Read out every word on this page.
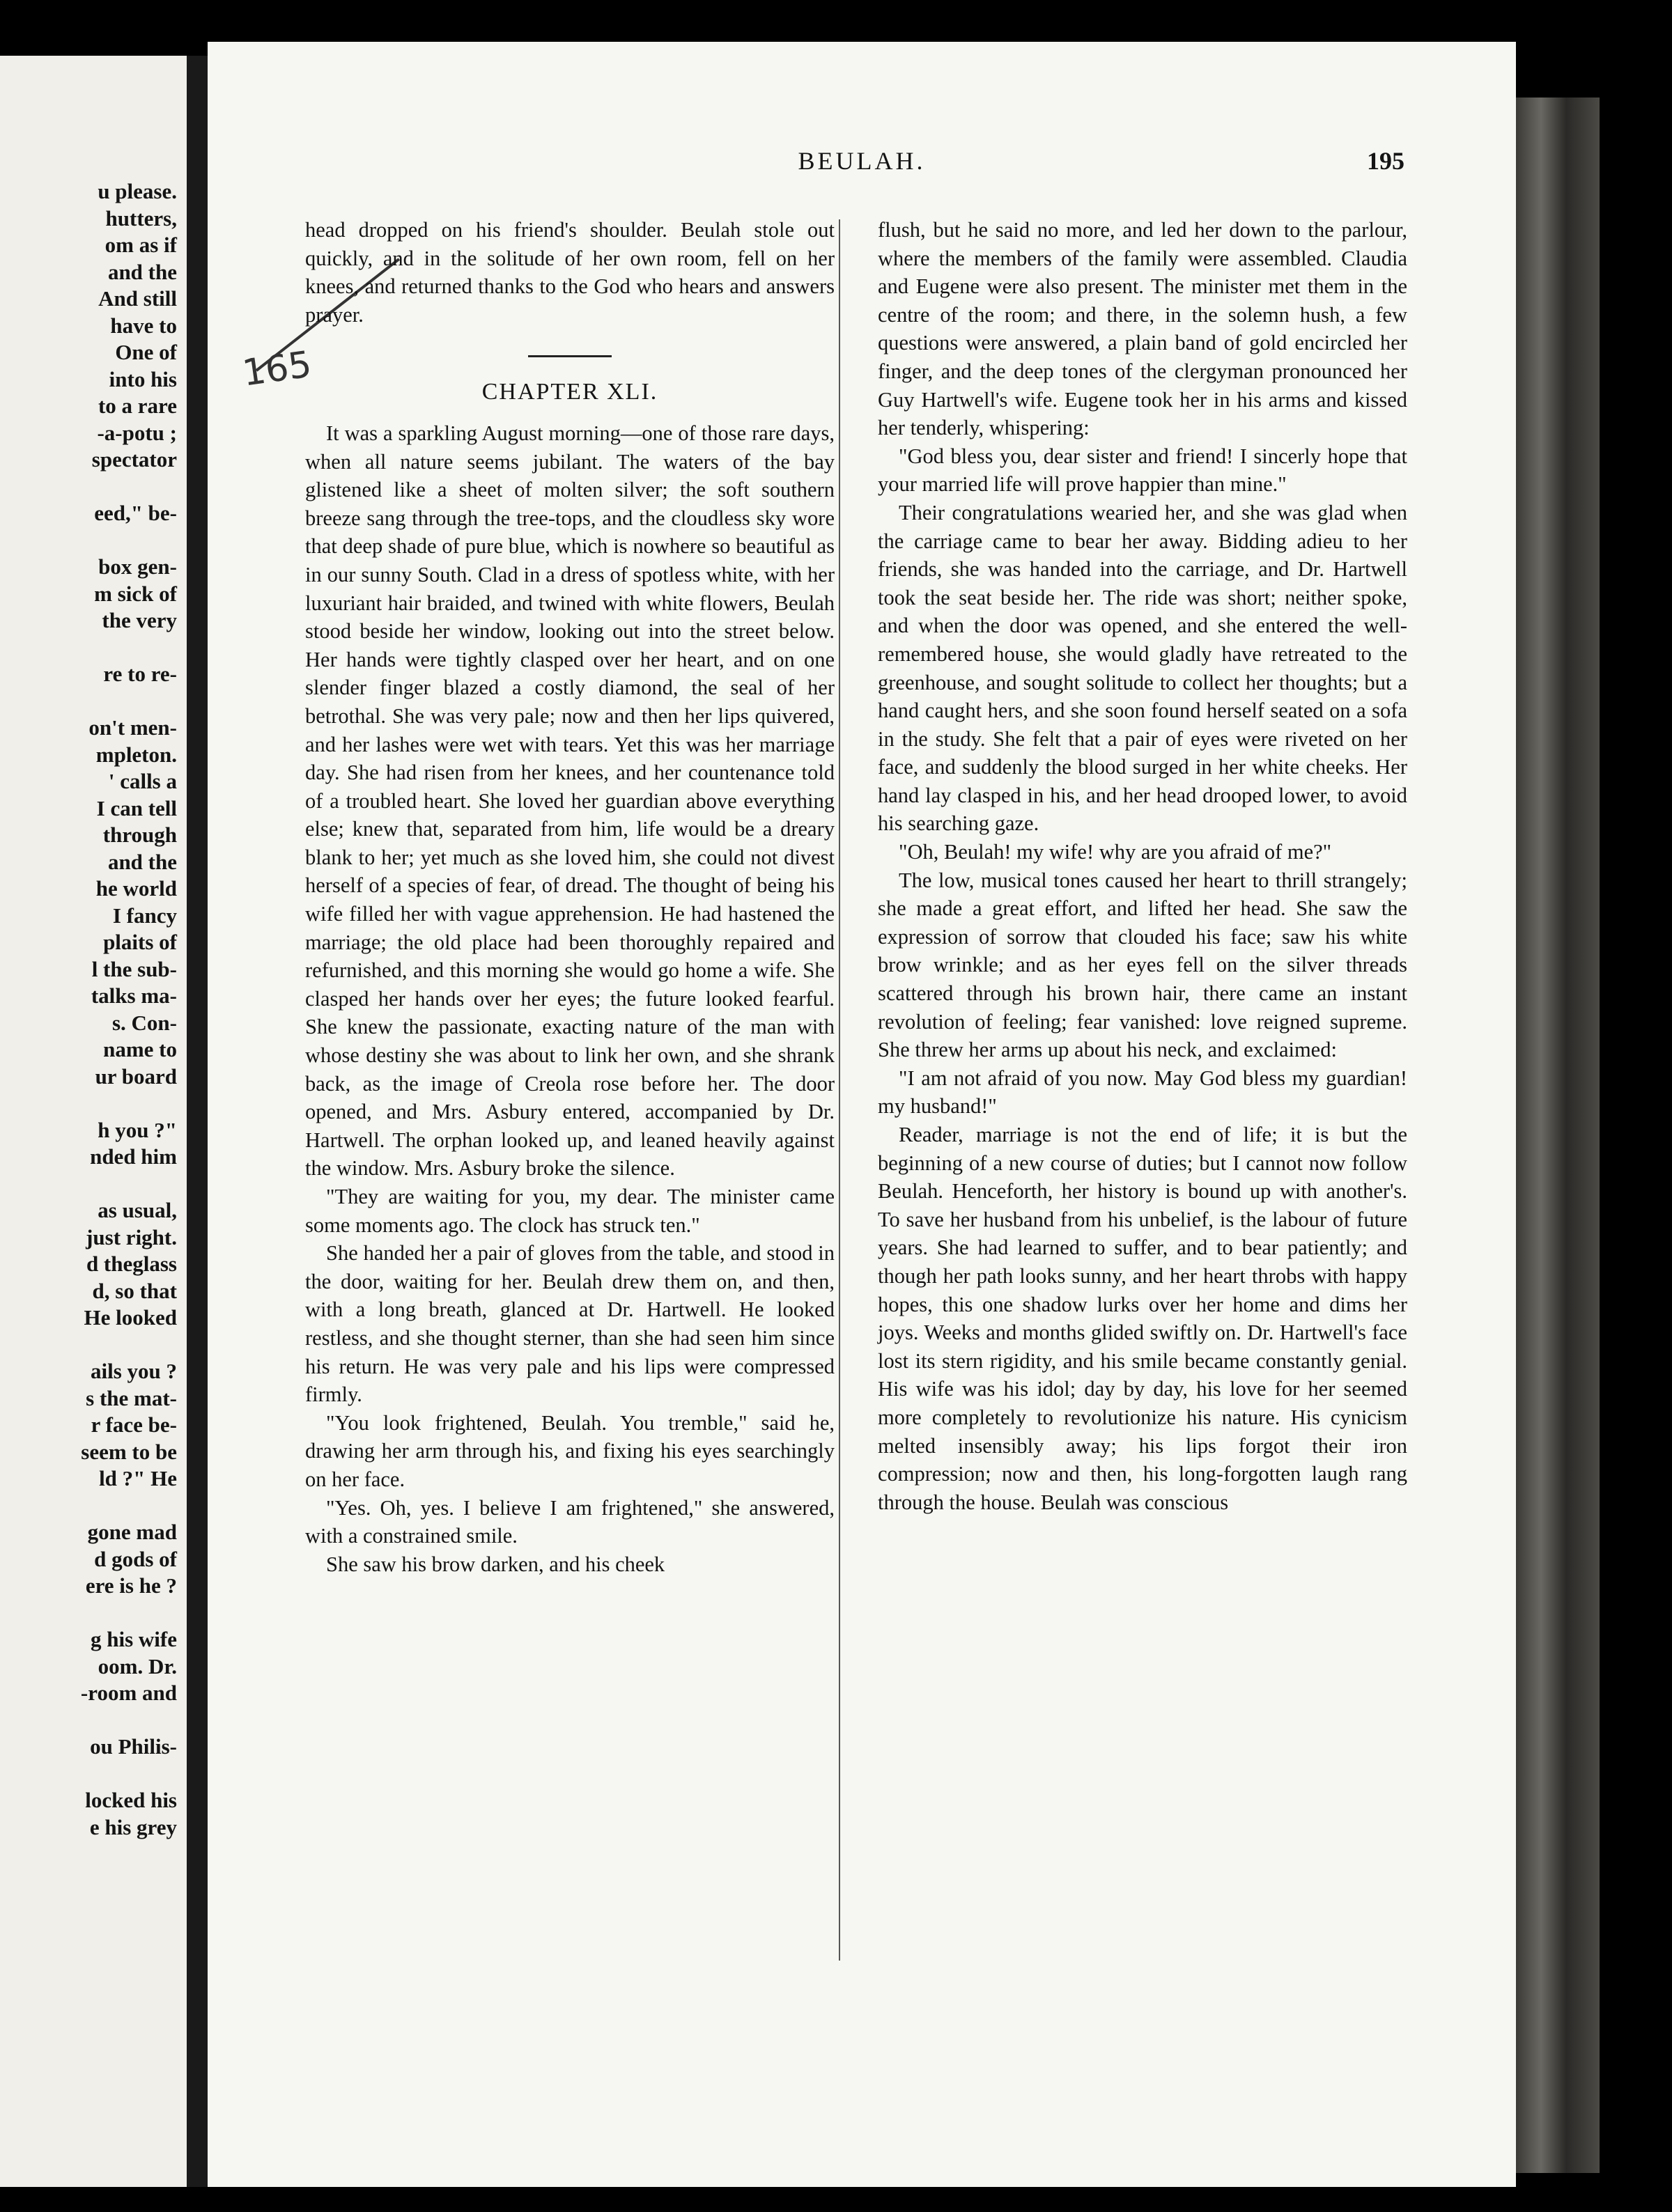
u please.
hutters,
om as if
and the
And still
have to
One of
into his
to a rare
-a-potu ;
spectator
eed," be-
box gen-
m sick of
the very
re to re-
on't men-
mpleton.
' calls a
I can tell
through
and the
he world
I fancy
plaits of
l the sub-
talks ma-
s. Con-
name to
ur board
h you ?"
nded him
as usual,
just right.
d theglass
d, so that
He looked
ails you ?
s the mat-
r face be-
seem to be
ld ?" He
gone mad
d gods of
ere is he ?
g his wife
oom. Dr.
-room and
ou Philis-
locked his
e his grey
BEULAH.	195
165

head dropped on his friend's shoulder. Beulah stole out quickly, and in the solitude of her own room, fell on her knees, and returned thanks to the God who hears and answers prayer.

CHAPTER XLI.

It was a sparkling August morning—one of those rare days, when all nature seems jubilant. The waters of the bay glistened like a sheet of molten silver; the soft southern breeze sang through the tree-tops, and the cloudless sky wore that deep shade of pure blue, which is nowhere so beautiful as in our sunny South. Clad in a dress of spotless white, with her luxuriant hair braided, and twined with white flowers, Beulah stood beside her window, looking out into the street below. Her hands were tightly clasped over her heart, and on one slender finger blazed a costly diamond, the seal of her betrothal. She was very pale; now and then her lips quivered, and her lashes were wet with tears. Yet this was her marriage day. She had risen from her knees, and her countenance told of a troubled heart. She loved her guardian above everything else; knew that, separated from him, life would be a dreary blank to her; yet much as she loved him, she could not divest herself of a species of fear, of dread. The thought of being his wife filled her with vague apprehension. He had hastened the marriage; the old place had been thoroughly repaired and refurnished, and this morning she would go home a wife. She clasped her hands over her eyes; the future looked fearful. She knew the passionate, exacting nature of the man with whose destiny she was about to link her own, and she shrank back, as the image of Creola rose before her. The door opened, and Mrs. Asbury entered, accompanied by Dr. Hartwell. The orphan looked up, and leaned heavily against the window. Mrs. Asbury broke the silence.

"They are waiting for you, my dear. The minister came some moments ago. The clock has struck ten."

She handed her a pair of gloves from the table, and stood in the door, waiting for her. Beulah drew them on, and then, with a long breath, glanced at Dr. Hartwell. He looked restless, and she thought sterner, than she had seen him since his return. He was very pale and his lips were compressed firmly.

"You look frightened, Beulah. You tremble," said he, drawing her arm through his, and fixing his eyes searchingly on her face.

"Yes. Oh, yes. I believe I am frightened," she answered, with a constrained smile.

She saw his brow darken, and his cheek

flush, but he said no more, and led her down to the parlour, where the members of the family were assembled. Claudia and Eugene were also present. The minister met them in the centre of the room; and there, in the solemn hush, a few questions were answered, a plain band of gold encircled her finger, and the deep tones of the clergyman pronounced her Guy Hartwell's wife. Eugene took her in his arms and kissed her tenderly, whispering:

"God bless you, dear sister and friend! I sincerly hope that your married life will prove happier than mine."

Their congratulations wearied her, and she was glad when the carriage came to bear her away. Bidding adieu to her friends, she was handed into the carriage, and Dr. Hartwell took the seat beside her. The ride was short; neither spoke, and when the door was opened, and she entered the well-remembered house, she would gladly have retreated to the greenhouse, and sought solitude to collect her thoughts; but a hand caught hers, and she soon found herself seated on a sofa in the study. She felt that a pair of eyes were riveted on her face, and suddenly the blood surged in her white cheeks. Her hand lay clasped in his, and her head drooped lower, to avoid his searching gaze.

"Oh, Beulah! my wife! why are you afraid of me?"

The low, musical tones caused her heart to thrill strangely; she made a great effort, and lifted her head. She saw the expression of sorrow that clouded his face; saw his white brow wrinkle; and as her eyes fell on the silver threads scattered through his brown hair, there came an instant revolution of feeling; fear vanished: love reigned supreme. She threw her arms up about his neck, and exclaimed:

"I am not afraid of you now. May God bless my guardian! my husband!"

Reader, marriage is not the end of life; it is but the beginning of a new course of duties; but I cannot now follow Beulah. Henceforth, her history is bound up with another's. To save her husband from his unbelief, is the labour of future years. She had learned to suffer, and to bear patiently; and though her path looks sunny, and her heart throbs with happy hopes, this one shadow lurks over her home and dims her joys. Weeks and months glided swiftly on. Dr. Hartwell's face lost its stern rigidity, and his smile became constantly genial. His wife was his idol; day by day, his love for her seemed more completely to revolutionize his nature. His cynicism melted insensibly away; his lips forgot their iron compression; now and then, his long-forgotten laugh rang through the house. Beulah was conscious
